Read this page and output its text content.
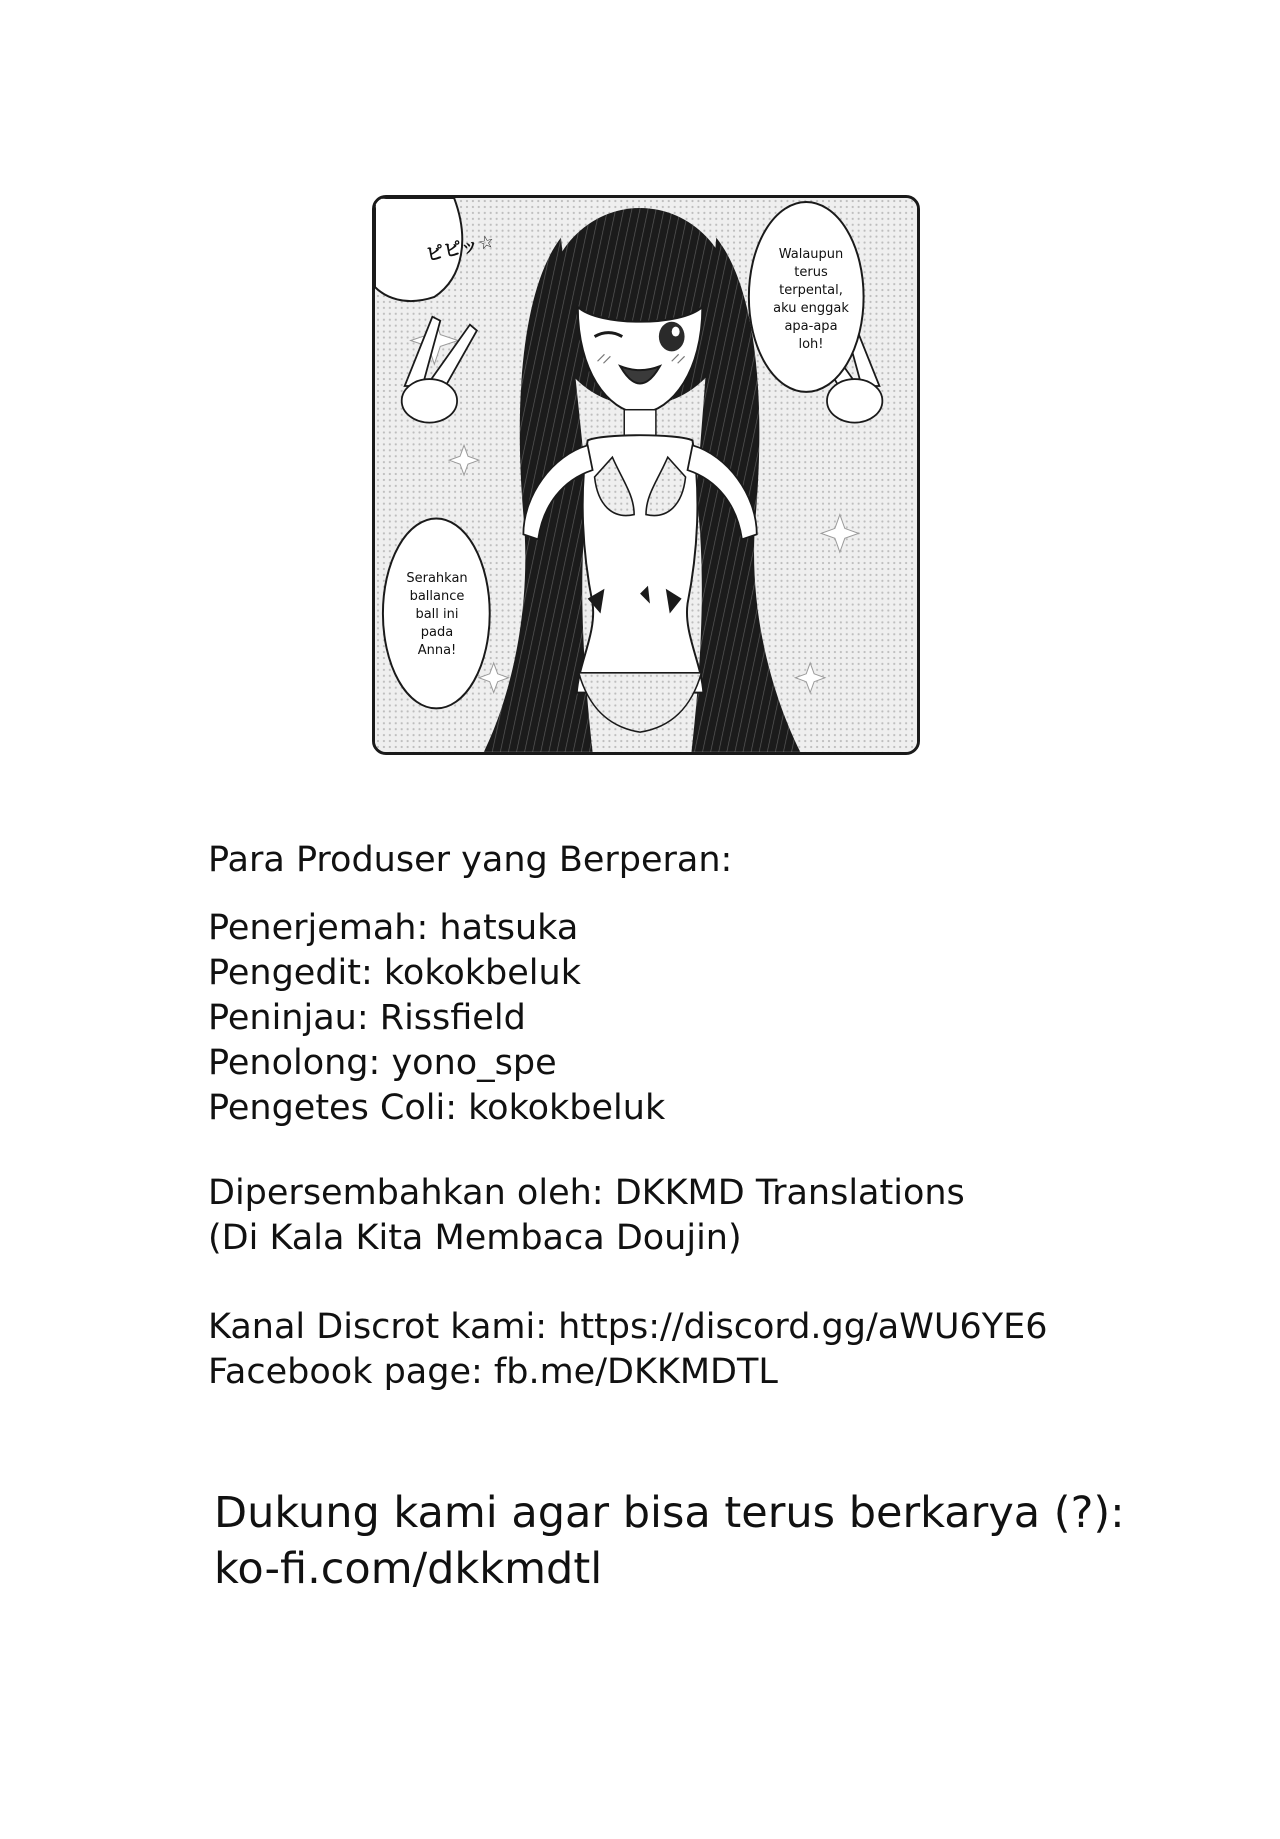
Walaupun
terus
terpental,
aku enggak
apa-apa
loh!
Serahkan
ballance
ball ini
pada
Anna!
ピピッ☆

Para Produser yang Berperan:

Penerjemah: hatsuka

Pengedit: kokokbeluk

Peninjau: Rissfield

Penolong: yono_spe

Pengetes Coli: kokokbeluk

Dipersembahkan oleh: DKKMD Translations

(Di Kala Kita Membaca Doujin)

Kanal Discrot kami: https://discord.gg/aWU6YE6

Facebook page: fb.me/DKKMDTL

Dukung kami agar bisa terus berkarya (?):

ko-fi.com/dkkmdtl
